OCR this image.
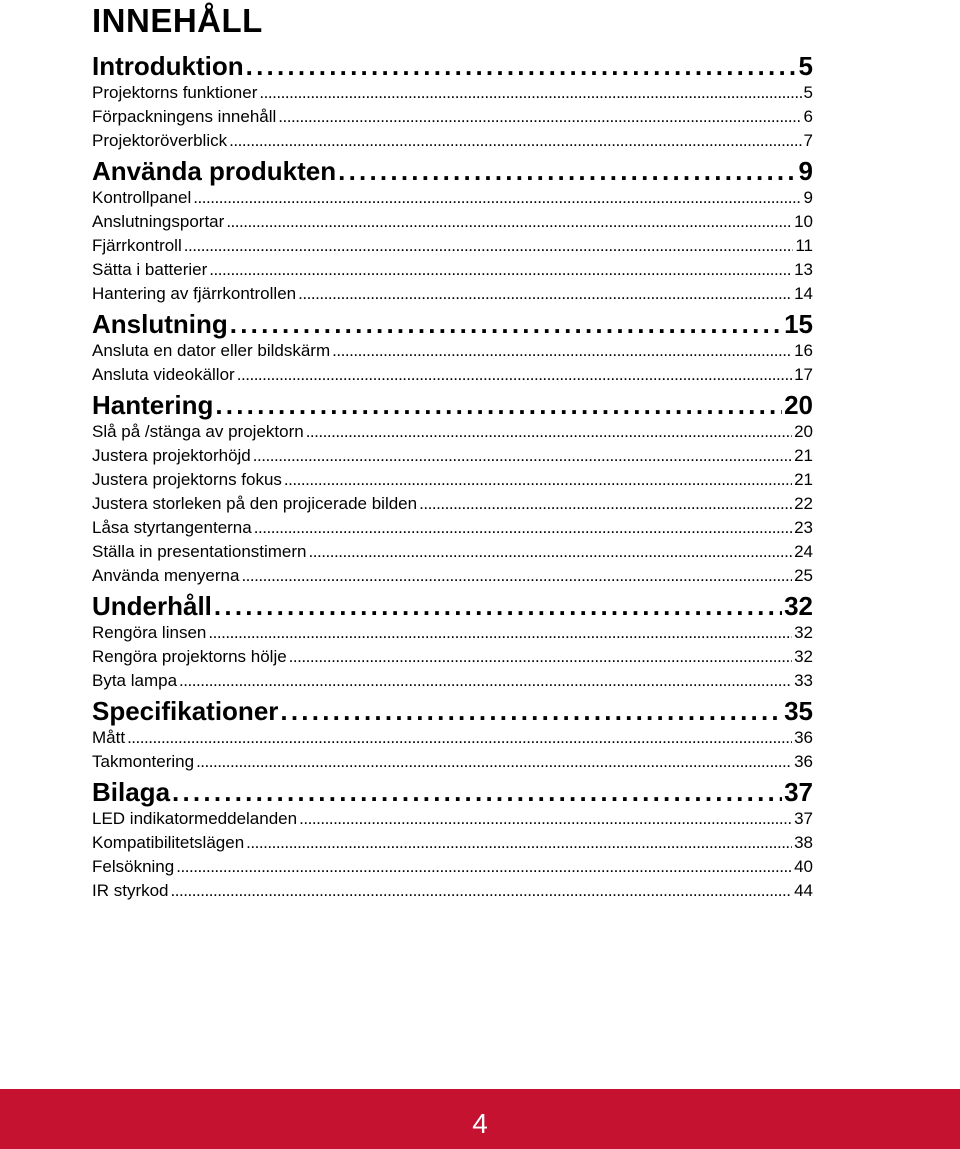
INNEHÅLL
Introduktion . . .	5
Projektorns funktioner . . .	5
Förpackningens innehåll . . .	6
Projektoröverblick . . .	7
Använda produkten . . .	9
Kontrollpanel . . .	9
Anslutningsportar . . .	10
Fjärrkontroll . . .	11
Sätta i batterier . . .	13
Hantering av fjärrkontrollen . . .	14
Anslutning . . .	15
Ansluta en dator eller bildskärm . . .	16
Ansluta videokällor . . .	17
Hantering . . .	20
Slå på /stänga av projektorn . . .	20
Justera projektorhöjd . . .	21
Justera projektorns fokus . . .	21
Justera storleken på den projicerade bilden . . .	22
Låsa styrtangenterna . . .	23
Ställa in presentationstimern . . .	24
Använda menyerna . . .	25
Underhåll . . .	32
Rengöra linsen . . .	32
Rengöra projektorns hölje . . .	32
Byta lampa . . .	33
Specifikationer . . .	35
Mått . . .	36
Takmontering . . .	36
Bilaga . . .	37
LED indikatormeddelanden . . .	37
Kompatibilitetslägen . . .	38
Felsökning . . .	40
IR styrkod . . .	44
4
